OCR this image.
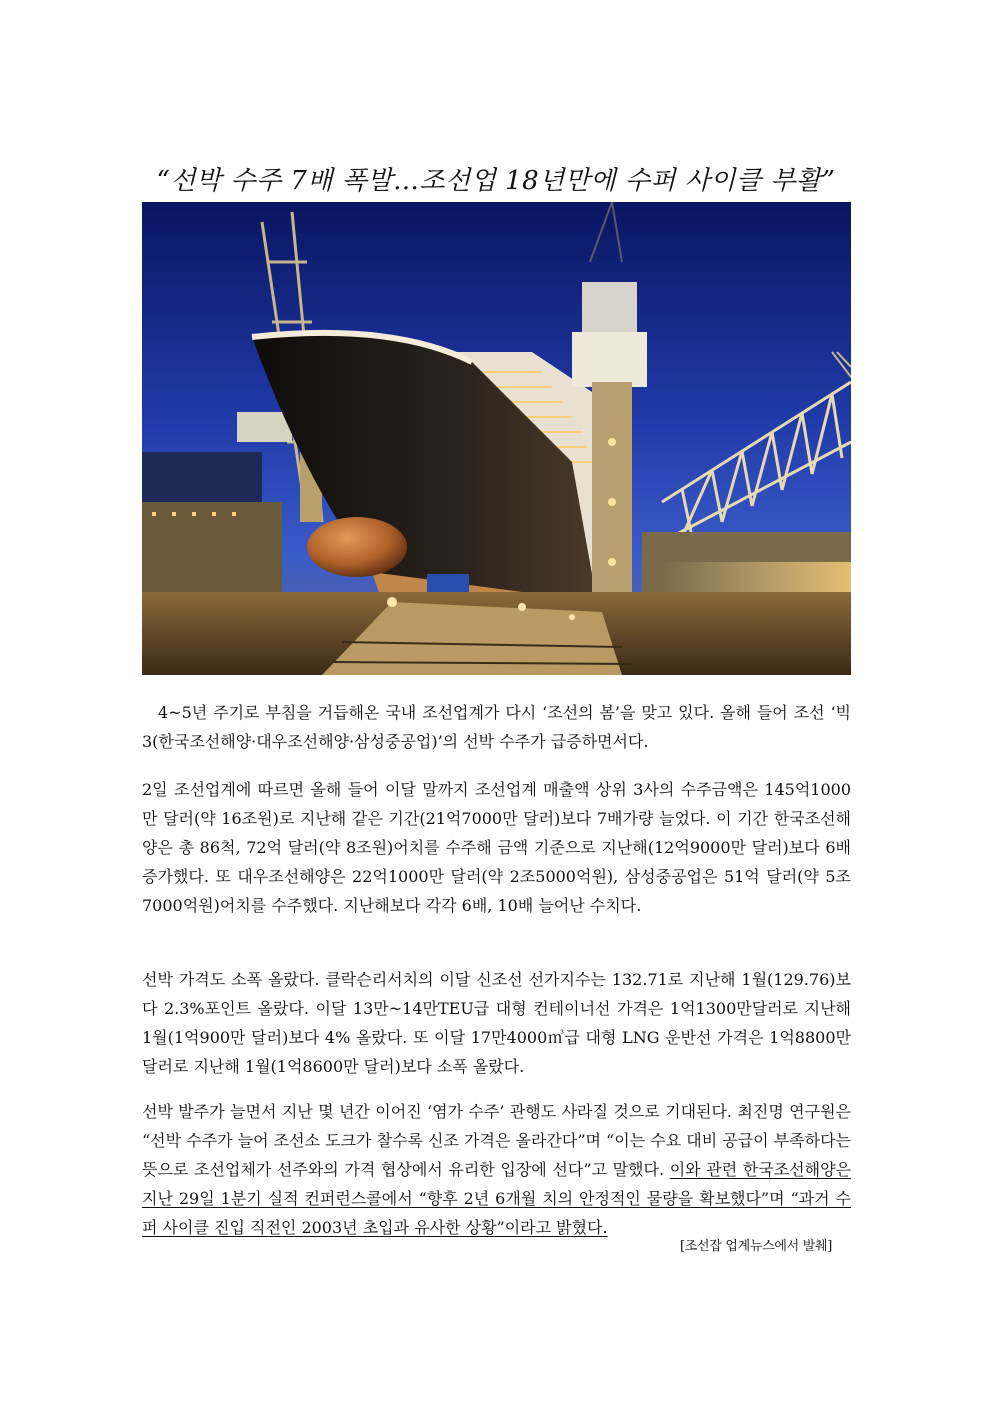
“선박 수주 7배 폭발…조선업 18년만에 수퍼 사이클 부활”
4~5년 주기로 부침을 거듭해온 국내 조선업계가 다시 ‘조선의 봄’을 맞고 있다. 올해 들어 조선 ‘빅3(한국조선해양·대우조선해양·삼성중공업)’의 선박 수주가 급증하면서다.
2일 조선업계에 따르면 올해 들어 이달 말까지 조선업계 매출액 상위 3사의 수주금액은 145억1000만 달러(약 16조원)로 지난해 같은 기간(21억7000만 달러)보다 7배가량 늘었다. 이 기간 한국조선해양은 총 86척, 72억 달러(약 8조원)어치를 수주해 금액 기준으로 지난해(12억9000만 달러)보다 6배 증가했다. 또 대우조선해양은 22억1000만 달러(약 2조5000억원), 삼성중공업은 51억 달러(약 5조7000억원)어치를 수주했다. 지난해보다 각각 6배, 10배 늘어난 수치다.
선박 가격도 소폭 올랐다. 클락슨리서치의 이달 신조선 선가지수는 132.71로 지난해 1월(129.76)보다 2.3%포인트 올랐다. 이달 13만~14만TEU급 대형 컨테이너선 가격은 1억1300만달러로 지난해 1월(1억900만 달러)보다 4% 올랐다. 또 이달 17만4000㎥급 대형 LNG 운반선 가격은 1억8800만 달러로 지난해 1월(1억8600만 달러)보다 소폭 올랐다.
선박 발주가 늘면서 지난 몇 년간 이어진 ‘염가 수주’ 관행도 사라질 것으로 기대된다. 최진명 연구원은 “선박 수주가 늘어 조선소 도크가 찰수록 신조 가격은 올라간다”며 “이는 수요 대비 공급이 부족하다는 뜻으로 조선업체가 선주와의 가격 협상에서 유리한 입장에 선다”고 말했다. 이와 관련 한국조선해양은 지난 29일 1분기 실적 컨퍼런스콜에서 “향후 2년 6개월 치의 안정적인 물량을 확보했다”며 “과거 수퍼 사이클 진입 직전인 2003년 초입과 유사한 상황”이라고 밝혔다.
[조선잡 업계뉴스에서 발췌]
